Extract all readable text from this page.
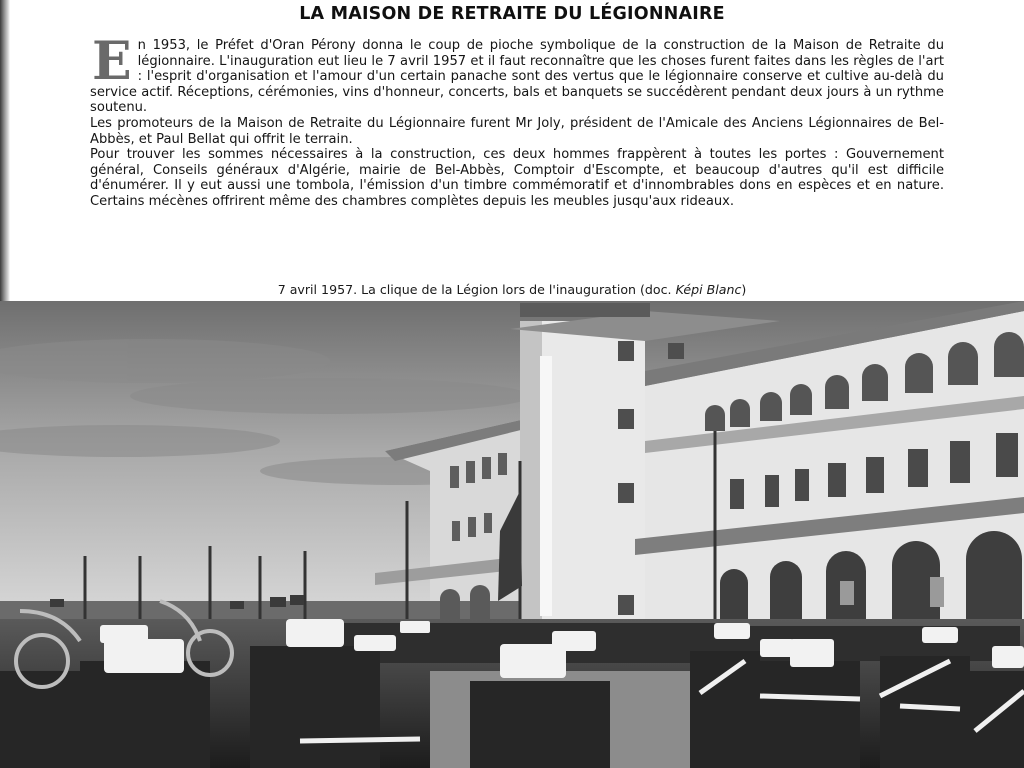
LA MAISON DE RETRAITE DU LÉGIONNAIRE
E n 1953, le Préfet d'Oran Pérony donna le coup de pioche symbolique de la construction de la Maison de Retraite du légionnaire. L'inauguration eut lieu le 7 avril 1957 et il faut reconnaître que les choses furent faites dans les règles de l'art : l'esprit d'organisation et l'amour d'un certain panache sont des vertus que le légionnaire conserve et cultive au-delà du service actif. Réceptions, cérémonies, vins d'honneur, concerts, bals et banquets se succédèrent pendant deux jours à un rythme soutenu.

Les promoteurs de la Maison de Retraite du Légionnaire furent Mr Joly, président de l'Amicale des Anciens Légionnaires de Bel-Abbès, et Paul Bellat qui offrit le terrain.

Pour trouver les sommes nécessaires à la construction, ces deux hommes frappèrent à toutes les portes : Gouvernement général, Conseils généraux d'Algérie, mairie de Bel-Abbès, Comptoir d'Escompte, et beaucoup d'autres qu'il est difficile d'énumérer. Il y eut aussi une tombola, l'émission d'un timbre commémoratif et d'innombrables dons en espèces et en nature. Certains mécènes offrirent même des chambres complètes depuis les meubles jusqu'aux rideaux.

7 avril 1957. La clique de la Légion lors de l'inauguration (doc. Képi Blanc)
